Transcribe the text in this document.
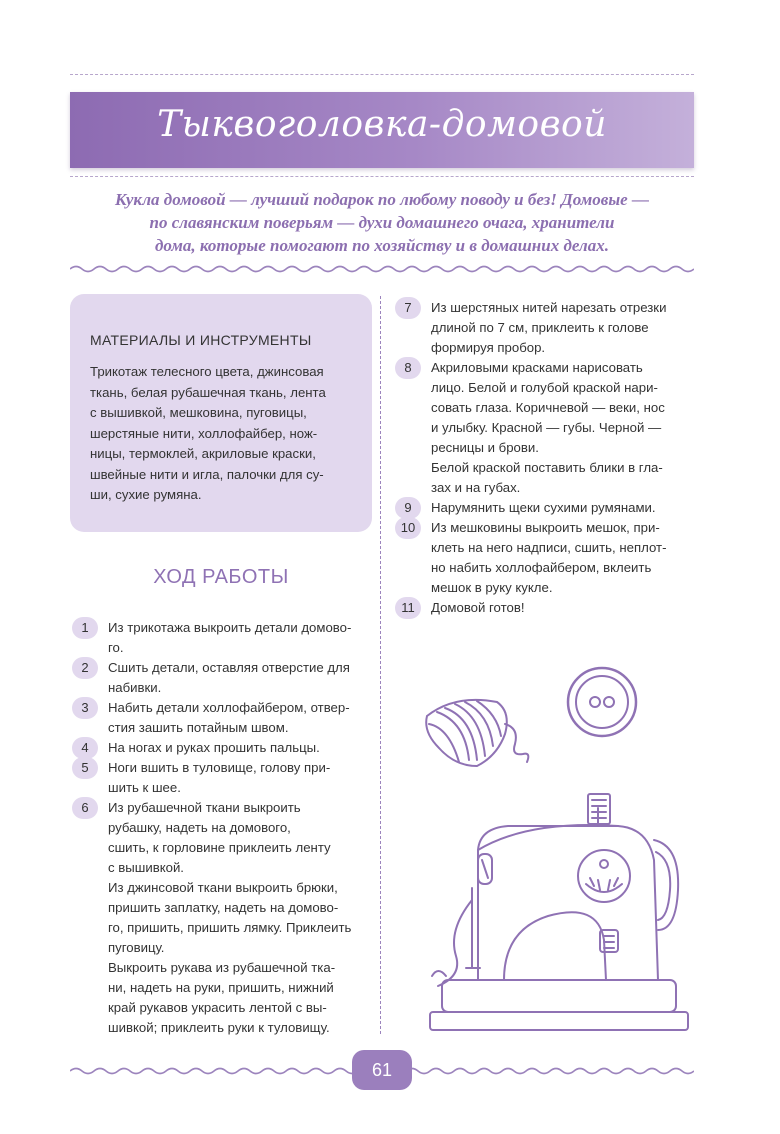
Тыквоголовка-домовой
Кукла домовой — лучший подарок по любому поводу и без! Домовые —
по славянским поверьям — духи домашнего очага, хранители
дома, которые помогают по хозяйству и в домашних делах.
МАТЕРИАЛЫ И ИНСТРУМЕНТЫ
Трикотаж телесного цвета, джинсовая
ткань, белая рубашечная ткань, лента
с вышивкой, мешковина, пуговицы,
шерстяные нити, холлофайбер, нож-
ницы, термоклей, акриловые краски,
швейные нити и игла, палочки для су-
ши, сухие румяна.
ХОД РАБОТЫ
1	Из трикотажа выкроить детали домово-
го.
2	Сшить детали, оставляя отверстие для
набивки.
3	Набить детали холлофайбером, отвер-
стия зашить потайным швом.
4	На ногах и руках прошить пальцы.
5	Ноги вшить в туловище, голову при-
шить к шее.
6	Из рубашечной ткани выкроить
рубашку, надеть на домового,
сшить, к горловине приклеить ленту
с вышивкой.
Из джинсовой ткани выкроить брюки,
пришить заплатку, надеть на домово-
го, пришить, пришить лямку. Приклеить
пуговицу.
Выкроить рукава из рубашечной тка-
ни, надеть на руки, пришить, нижний
край рукавов украсить лентой с вы-
шивкой; приклеить руки к туловищу.
7	Из шерстяных нитей нарезать отрезки
длиной по 7 см, приклеить к голове
формируя пробор.
8	Акриловыми красками нарисовать
лицо. Белой и голубой краской нари-
совать глаза. Коричневой — веки, нос
и улыбку. Красной — губы. Черной —
ресницы и брови.
Белой краской поставить блики в гла-
зах и на губах.
9	Нарумянить щеки сухими румянами.
10	Из мешковины выкроить мешок, при-
клеть на него надписи, сшить, неплот-
но набить холлофайбером, вклеить
мешок в руку кукле.
11	Домовой готов!
61
